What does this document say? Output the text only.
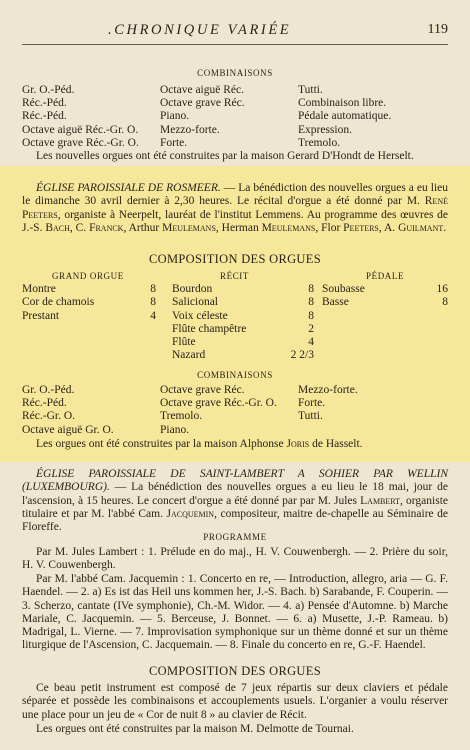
.CHRONIQUE VARIÉE	119
COMBINAISONS
Gr. O.-Péd.	Octave aiguë Réc.	Tutti.
Réc.-Péd.	Octave grave Réc.	Combinaison libre.
Réc.-Péd.	Piano.	Pédale automatique.
Octave aiguë Réc.-Gr. O.	Mezzo-forte.	Expression.
Octave grave Réc.-Gr. O.	Forte.	Tremolo.
Les nouvelles orgues ont été construites par la maison Gerard D'Hondt de Herselt.
ÉGLISE PAROISSIALE DE ROSMEER. — La bénédiction des nouvelles orgues a eu lieu le dimanche 30 avril dernier à 2,30 heures. Le récital d'orgue a été donné par M. René Peeters, organiste à Neerpelt, lauréat de l'institut Lemmens. Au programme des œuvres de J.-S. Bach, C. Franck, Arthur Meulemans, Herman Meulemans, Flor Peeters, A. Guilmant.
COMPOSITION DES ORGUES
GRAND ORGUE
Montre	8
Cor de chamois	8
Prestant	4
RÉCIT
Bourdon	8
Salicional	8
Voix céleste	8
Flûte champêtre	2
Flûte	4
Nazard	2 2/3
PÉDALE
Soubasse	16
Basse	8
COMBINAISONS
Gr. O.-Péd.	Octave grave Réc.	Mezzo-forte.
Réc.-Péd.	Octave grave Réc.-Gr. O.	Forte.
Réc.-Gr. O.	Tremolo.	Tutti.
Octave aiguë Gr. O.	Piano.
Les orgues ont été construites par la maison Alphonse Joris de Hasselt.
ÉGLISE PAROISSIALE DE SAINT-LAMBERT A SOHIER PAR WELLIN (LUXEMBOURG). — La bénédiction des nouvelles orgues a eu lieu le 18 mai, jour de l'ascension, à 15 heures. Le concert d'orgue a été donné par par M. Jules Lambert, organiste titulaire et par M. l'abbé Cam. Jacquemin, compositeur, maitre de-chapelle au Séminaire de Floreffe.
PROGRAMME
Par M. Jules Lambert : 1. Prélude en do maj., H. V. Couwenbergh. — 2. Prière du soir, H. V. Couwenbergh.
Par M. l'abbé Cam. Jacquemin : 1. Concerto en re, — Introduction, allegro, aria — G. F. Haendel. — 2. a) Es ist das Heil uns kommen her, J.-S. Bach. b) Sarabande, F. Couperin. — 3. Scherzo, cantate (IVe symphonie), Ch.-M. Widor. — 4. a) Pensée d'Automne. b) Marche Mariale, C. Jacquemin. — 5. Berceuse, J. Bonnet. — 6. a) Musette, J.-P. Rameau. b) Madrigal, L. Vierne. — 7. Improvisation symphonique sur un thème donné et sur un thème liturgique de l'Ascension, C. Jacquemain. — 8. Finale du concerto en re, G.-F. Haendel.
COMPOSITION DES ORGUES
Ce beau petit instrument est composé de 7 jeux répartis sur deux claviers et pédale séparée et possède les combinaisons et accouplements usuels. L'organier a voulu réserver une place pour un jeu de « Cor de nuit 8 » au clavier de Récit.
Les orgues ont été construites par la maison M. Delmotte de Tournai.
